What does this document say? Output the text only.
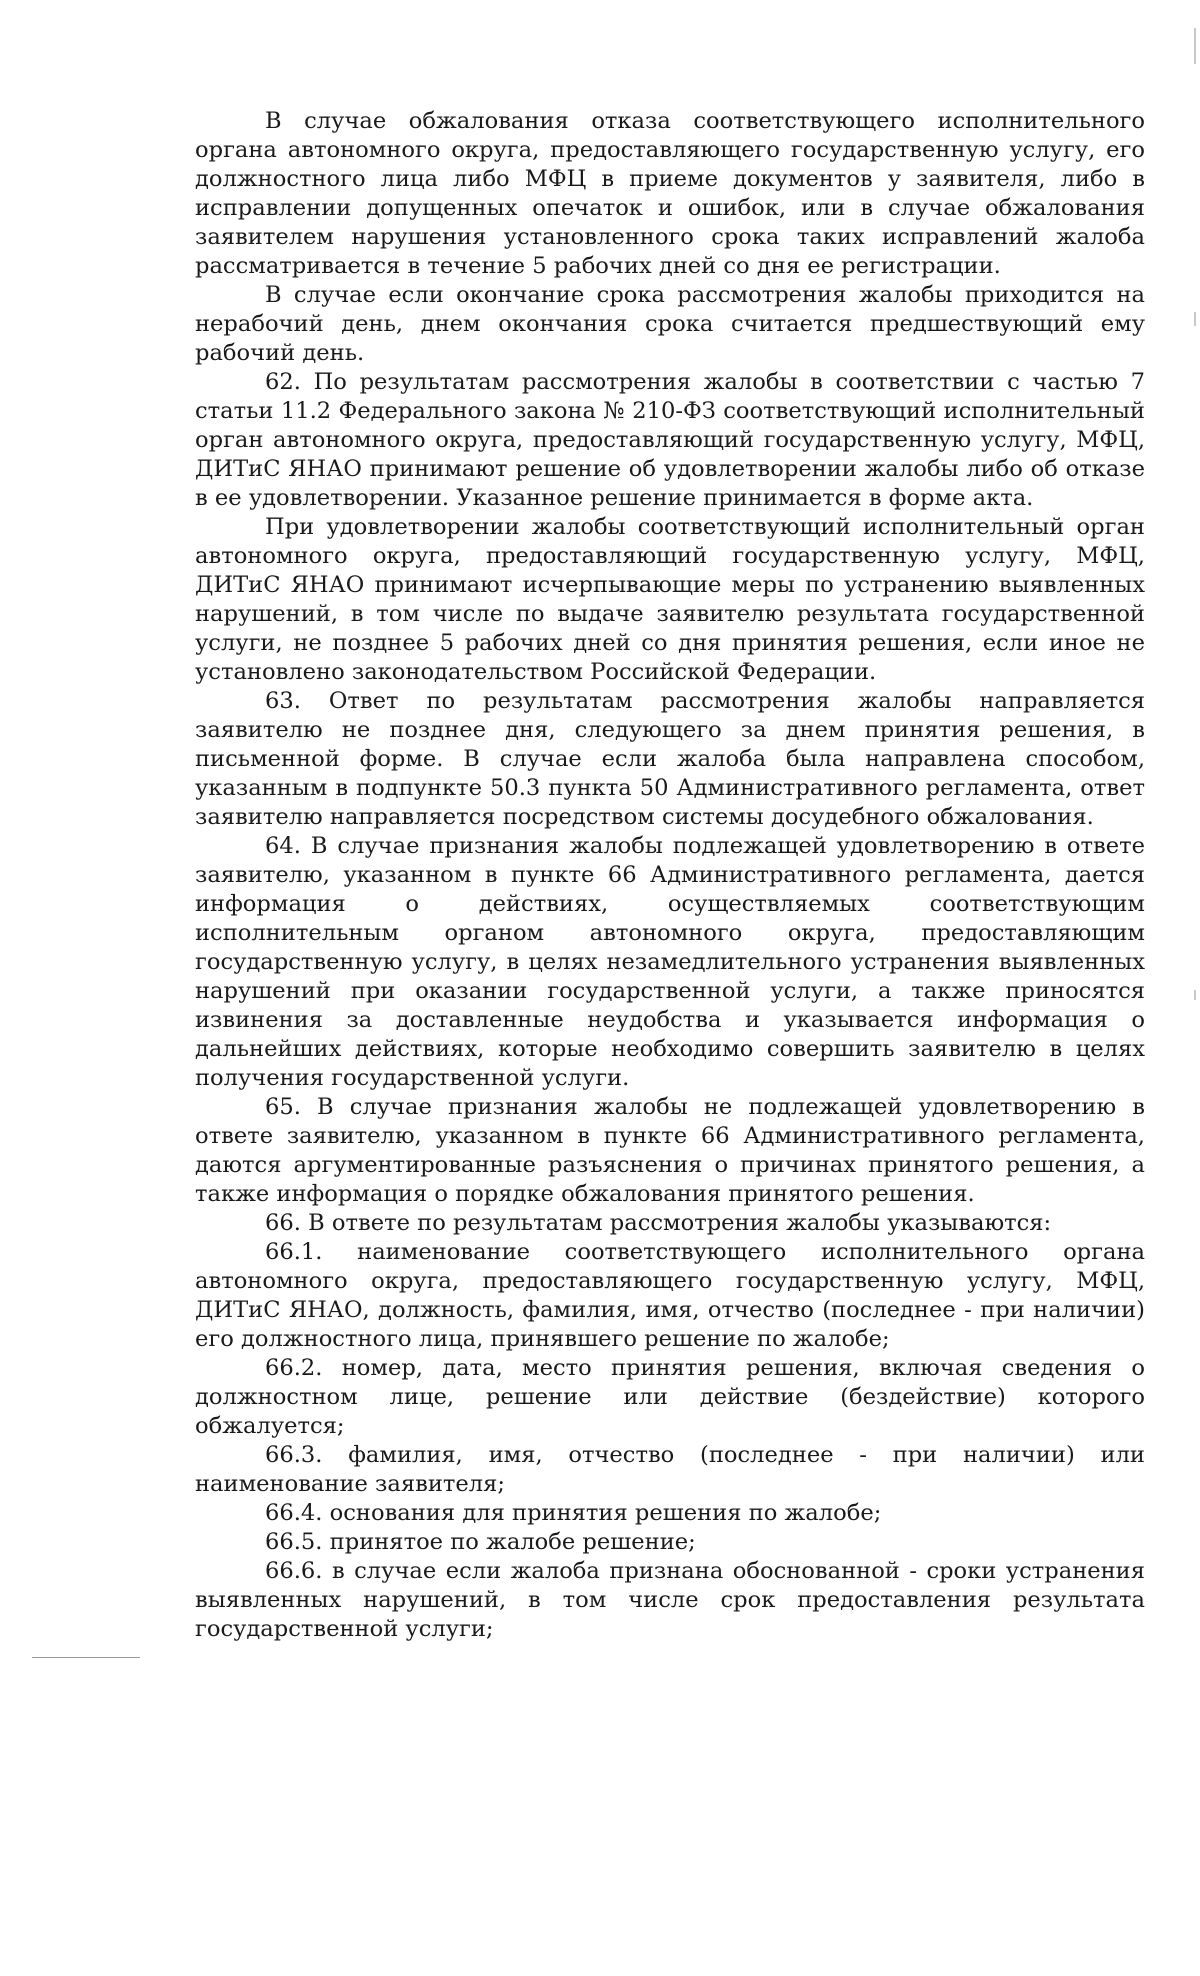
В случае обжалования отказа соответствующего исполнительного органа автономного округа, предоставляющего государственную услугу, его должностного лица либо МФЦ в приеме документов у заявителя, либо в исправлении допущенных опечаток и ошибок, или в случае обжалования заявителем нарушения установленного срока таких исправлений жалоба рассматривается в течение 5 рабочих дней со дня ее регистрации.

В случае если окончание срока рассмотрения жалобы приходится на нерабочий день, днем окончания срока считается предшествующий ему рабочий день.

62. По результатам рассмотрения жалобы в соответствии с частью 7 статьи 11.2 Федерального закона № 210-ФЗ соответствующий исполнительный орган автономного округа, предоставляющий государственную услугу, МФЦ, ДИТиС ЯНАО принимают решение об удовлетворении жалобы либо об отказе в ее удовлетворении. Указанное решение принимается в форме акта.

При удовлетворении жалобы соответствующий исполнительный орган автономного округа, предоставляющий государственную услугу, МФЦ, ДИТиС ЯНАО принимают исчерпывающие меры по устранению выявленных нарушений, в том числе по выдаче заявителю результата государственной услуги, не позднее 5 рабочих дней со дня принятия решения, если иное не установлено законодательством Российской Федерации.

63. Ответ по результатам рассмотрения жалобы направляется заявителю не позднее дня, следующего за днем принятия решения, в письменной форме. В случае если жалоба была направлена способом, указанным в подпункте 50.3 пункта 50 Административного регламента, ответ заявителю направляется посредством системы досудебного обжалования.

64. В случае признания жалобы подлежащей удовлетворению в ответе заявителю, указанном в пункте 66 Административного регламента, дается информация о действиях, осуществляемых соответствующим исполнительным органом автономного округа, предоставляющим государственную услугу, в целях незамедлительного устранения выявленных нарушений при оказании государственной услуги, а также приносятся извинения за доставленные неудобства и указывается информация о дальнейших действиях, которые необходимо совершить заявителю в целях получения государственной услуги.

65. В случае признания жалобы не подлежащей удовлетворению в ответе заявителю, указанном в пункте 66 Административного регламента, даются аргументированные разъяснения о причинах принятого решения, а также информация о порядке обжалования принятого решения.

66. В ответе по результатам рассмотрения жалобы указываются:

66.1. наименование соответствующего исполнительного органа автономного округа, предоставляющего государственную услугу, МФЦ, ДИТиС ЯНАО, должность, фамилия, имя, отчество (последнее - при наличии) его должностного лица, принявшего решение по жалобе;

66.2. номер, дата, место принятия решения, включая сведения о должностном лице, решение или действие (бездействие) которого обжалуется;

66.3. фамилия, имя, отчество (последнее - при наличии) или наименование заявителя;

66.4. основания для принятия решения по жалобе;

66.5. принятое по жалобе решение;

66.6. в случае если жалоба признана обоснованной - сроки устранения выявленных нарушений, в том числе срок предоставления результата государственной услуги;
